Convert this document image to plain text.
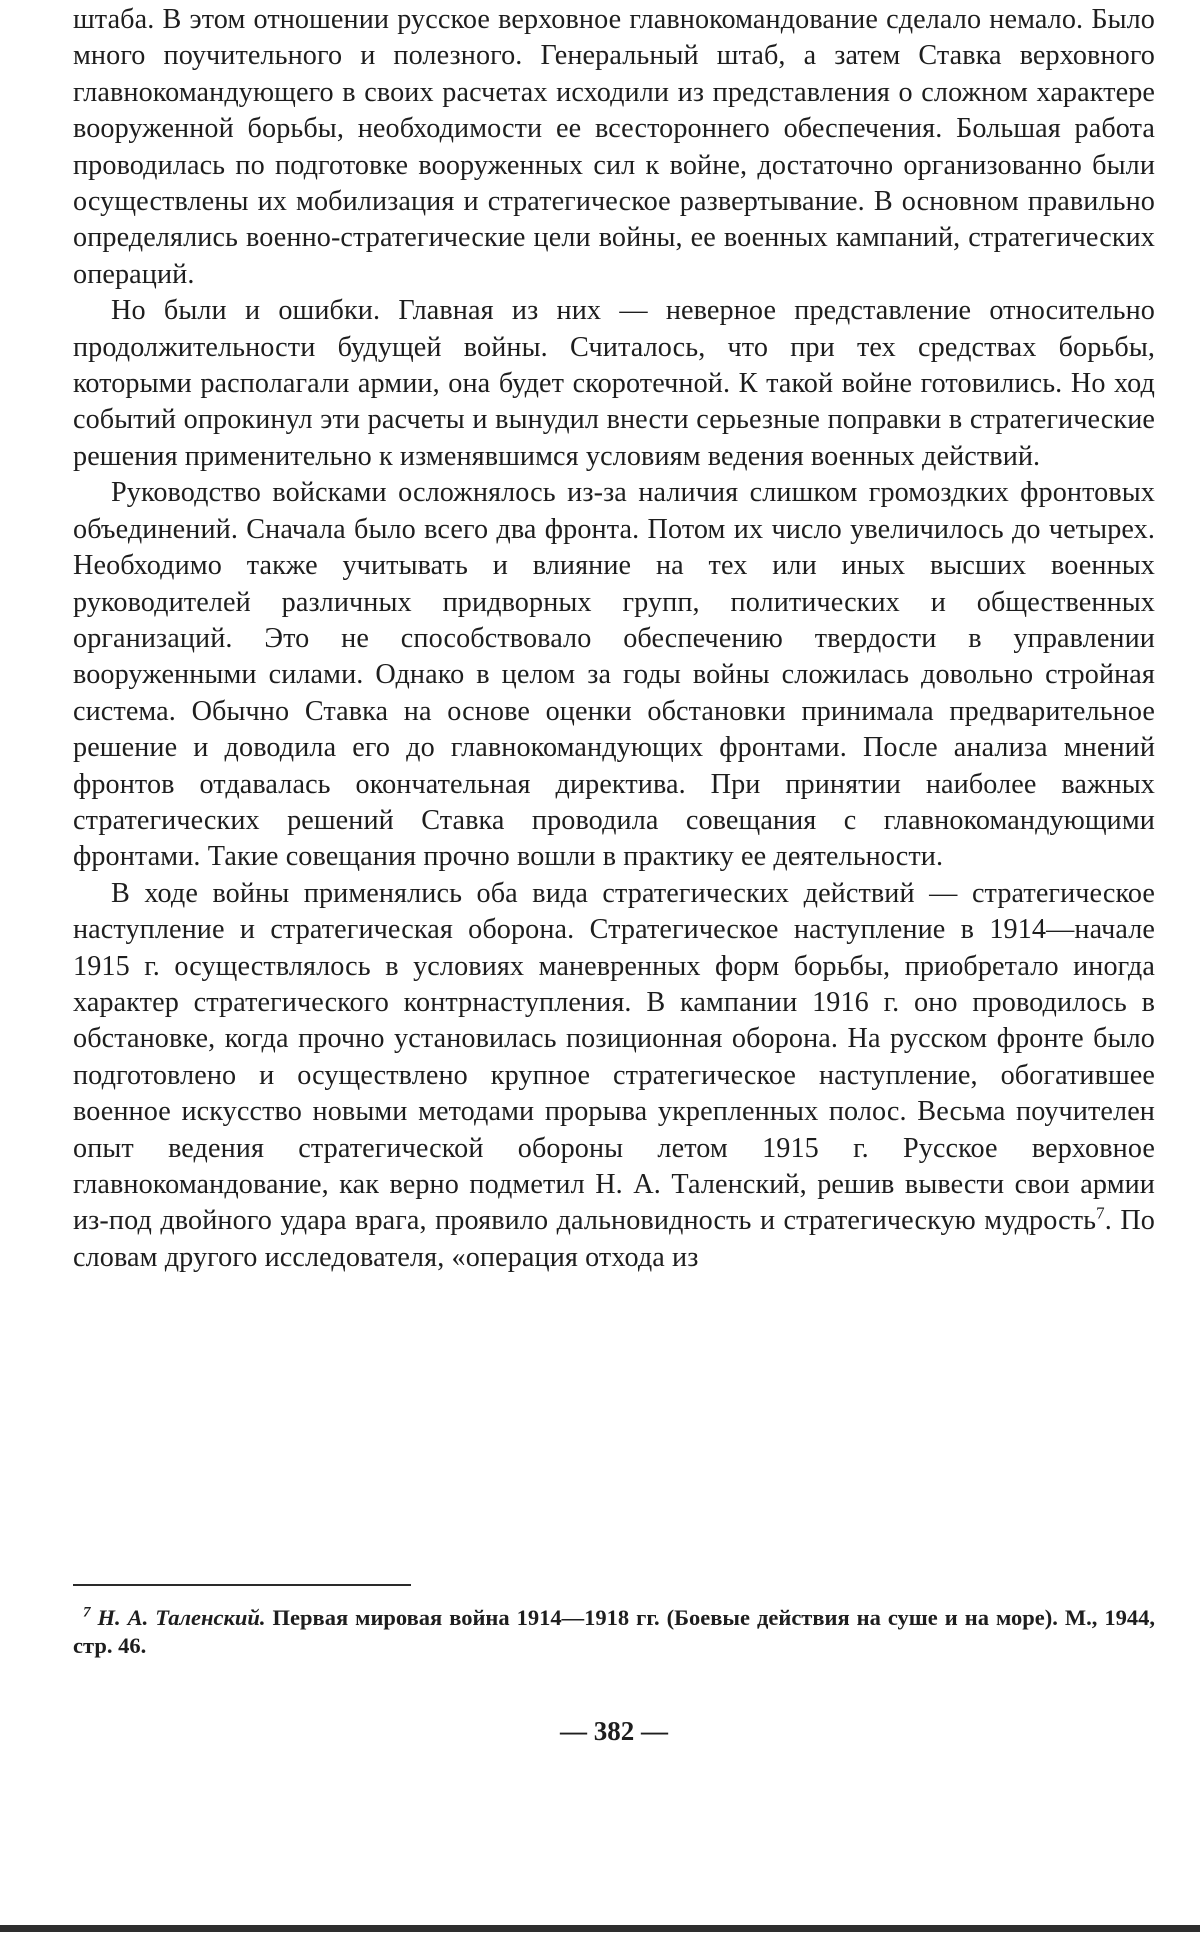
штаба. В этом отношении русское верховное главнокомандование сделало немало. Было много поучительного и полезного. Генеральный штаб, а затем Ставка верховного главнокомандующего в своих расчетах исходили из представления о сложном характере вооруженной борьбы, необходимости ее всестороннего обеспечения. Большая работа проводилась по подготовке вооруженных сил к войне, достаточно организованно были осуществлены их мобилизация и стратегическое развертывание. В основном правильно определялись военно-стратегические цели войны, ее военных кампаний, стратегических операций.

Но были и ошибки. Главная из них — неверное представление относительно продолжительности будущей войны. Считалось, что при тех средствах борьбы, которыми располагали армии, она будет скоротечной. К такой войне готовились. Но ход событий опрокинул эти расчеты и вынудил внести серьезные поправки в стратегические решения применительно к изменявшимся условиям ведения военных действий.

Руководство войсками осложнялось из-за наличия слишком громоздких фронтовых объединений. Сначала было всего два фронта. Потом их число увеличилось до четырех. Необходимо также учитывать и влияние на тех или иных высших военных руководителей различных придворных групп, политических и общественных организаций. Это не способствовало обеспечению твердости в управлении вооруженными силами. Однако в целом за годы войны сложилась довольно стройная система. Обычно Ставка на основе оценки обстановки принимала предварительное решение и доводила его до главнокомандующих фронтами. После анализа мнений фронтов отдавалась окончательная директива. При принятии наиболее важных стратегических решений Ставка проводила совещания с главнокомандующими фронтами. Такие совещания прочно вошли в практику ее деятельности.

В ходе войны применялись оба вида стратегических действий — стратегическое наступление и стратегическая оборона. Стратегическое наступление в 1914—начале 1915 г. осуществлялось в условиях маневренных форм борьбы, приобретало иногда характер стратегического контрнаступления. В кампании 1916 г. оно проводилось в обстановке, когда прочно установилась позиционная оборона. На русском фронте было подготовлено и осуществлено крупное стратегическое наступление, обогатившее военное искусство новыми методами прорыва укрепленных полос. Весьма поучителен опыт ведения стратегической обороны летом 1915 г. Русское верховное главнокомандование, как верно подметил Н. А. Таленский, решив вывести свои армии из-под двойного удара врага, проявило дальновидность и стратегическую мудрость$^7$. По словам другого исследователя, «операция отхода из

$^7$ Н. А. Таленский. Первая мировая война 1914—1918 гг. (Боевые действия на суше и на море). М., 1944, стр. 46.
— 382 —
